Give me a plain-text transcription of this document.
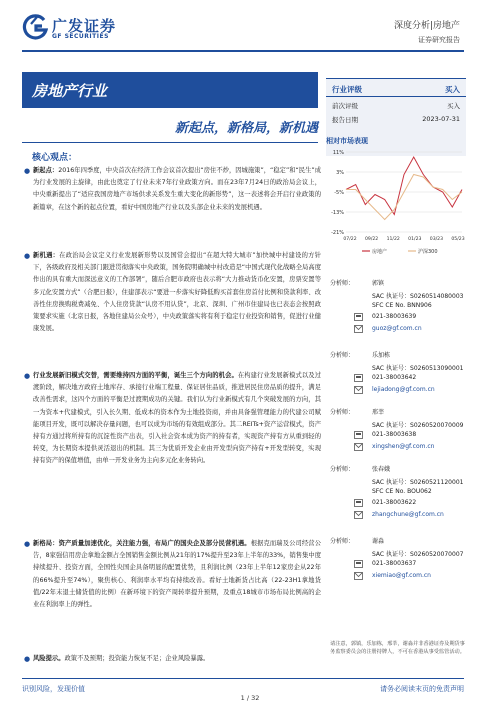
广发证券
GF SECURITIES
深度分析|房地产
证券研究报告
房地产行业
新起点，新格局，新机遇
核心观点：
● 新起点：2016年四季度，中央首次在经济工作会议首次提出“房住不炒，因城施策”，“稳定”和“民生”成为行业发展的主旋律，由此也奠定了行业未来7年行业政策方向。而在23年7月24日的政治局会议上，中央重新提出了“适应我国房地产市场供求关系发生重大变化的新形势”，这一表述将会开启行业政策的新篇章，在这个新的起点位置，看好中国房地产行业以及头部企业未来的发展机遇。
● 新机遇：在政治局会议定义行业发展新形势以及国常会提出“在超大特大城市”加快城中村建设的方针下，各级政府及相关部门跟进贯彻落实中央政策，国务院明确城中村改造是“中国式现代化战略全局高度作出的具有重大而深远意义的工作部署”，随后合肥市政府也表示将“大力推动货币化安置，房票安置等多元化安置方式”（合肥日报），住建部表示“要进一步落实好降低购买首套住房首付比例和贷款利率、改善性住房换购税费减免、个人住房贷款“认房不用认贷”，北京、深圳、广州市住建局也已表态会按照政策要求实施（北京日报，各地住建局公众号），中央政策落实将有利于稳定行业投资和销售，促进行业健康发展。
● 行业发展新旧模式交替，需要维持四方面的平衡，诞生三个方向的机会。在构建行业发展新模式以及过渡阶段，解决地方政府土地库存、承接行业端工程量、保证居住品质，推进居民住房品质的提升，满足改善性需求，这四个方面的平衡是过渡期成功的关键。我们认为行业新模式有几个突破发展的方向，其一为资本+代建模式，引入长久期、低成本的资本作为土地投资商，并由具备强管理能力的代建公司赋能项目开发，既可以解决存量问题，也可以成为市场的有效组成部分。其二REITs+资产运营模式，资产持有方通过将所持有的沉淀性资产出表，引入社会资本成为资产的持有者，实现资产持有方从重到轻的转变，为长期资本提供灵活退出的机制。其三为优质开发企业由开发型向资产持有+开发型转变，实现持有资产的保值增值，由单一开发业务为主向多元化业务转向。
● 新格局：资产质量加速优化，关注能力强，布局广的国央企及部分民营机遇。根据克而瑞及公司经营公告，8家强信用房企拿地金额占全国销售金额比例从21年的17%提升至23年上半年的33%，销售集中度持续提升、投资方面，全国性央国企具备明显的配置优势，且利润比例（23年上半年12家房企从22年的66%提升至74%），聚焦核心、利润率水平均有持续改善。看好土地新货占比高（22-23H1拿地货值/22年末退土储货值的比例）在新环境下的资产周转率提升预期，及重点18城市市场布局比例高的企业在利润率上的弹性。
● 风险提示。政策不及预期；投资能力恢复不足；企业风险暴露。
行业评级	买入
前次评级	买入
报告日期	2023-07-31
相对市场表现
11%
3%
-5%
-13%
-21%
07/22 09/22 11/22 01/23 03/23 05/23
房地产	沪深300
分析师：	郭镇
SAC 执证号：S0260514080003
SFC CE No. BNN906
021-38003639
guoz@gf.com.cn
分析师：	乐加栋
SAC 执证号：S0260513090001
021-38003642
lejiadong@gf.com.cn
分析师：	邢莘
SAC 执证号：S0260520070009
021-38003638
xingshen@gf.com.cn
分析师：	张春娥
SAC 执证号：S0260521120001
SFC CE No. BOU062
021-38003622
zhangchune@gf.com.cn
分析师：	谢淼
SAC 执证号：S0260520070007
021-38003637
xiemiao@gf.com.cn
请注意，郭镇，乐加栋，邢莘，谢淼并非香港证券及期货事务监察委员会的注册持牌人，不可在香港从事受监管活动。
识别风险，发现价值	请务必阅读末页的免责声明
1 / 32
